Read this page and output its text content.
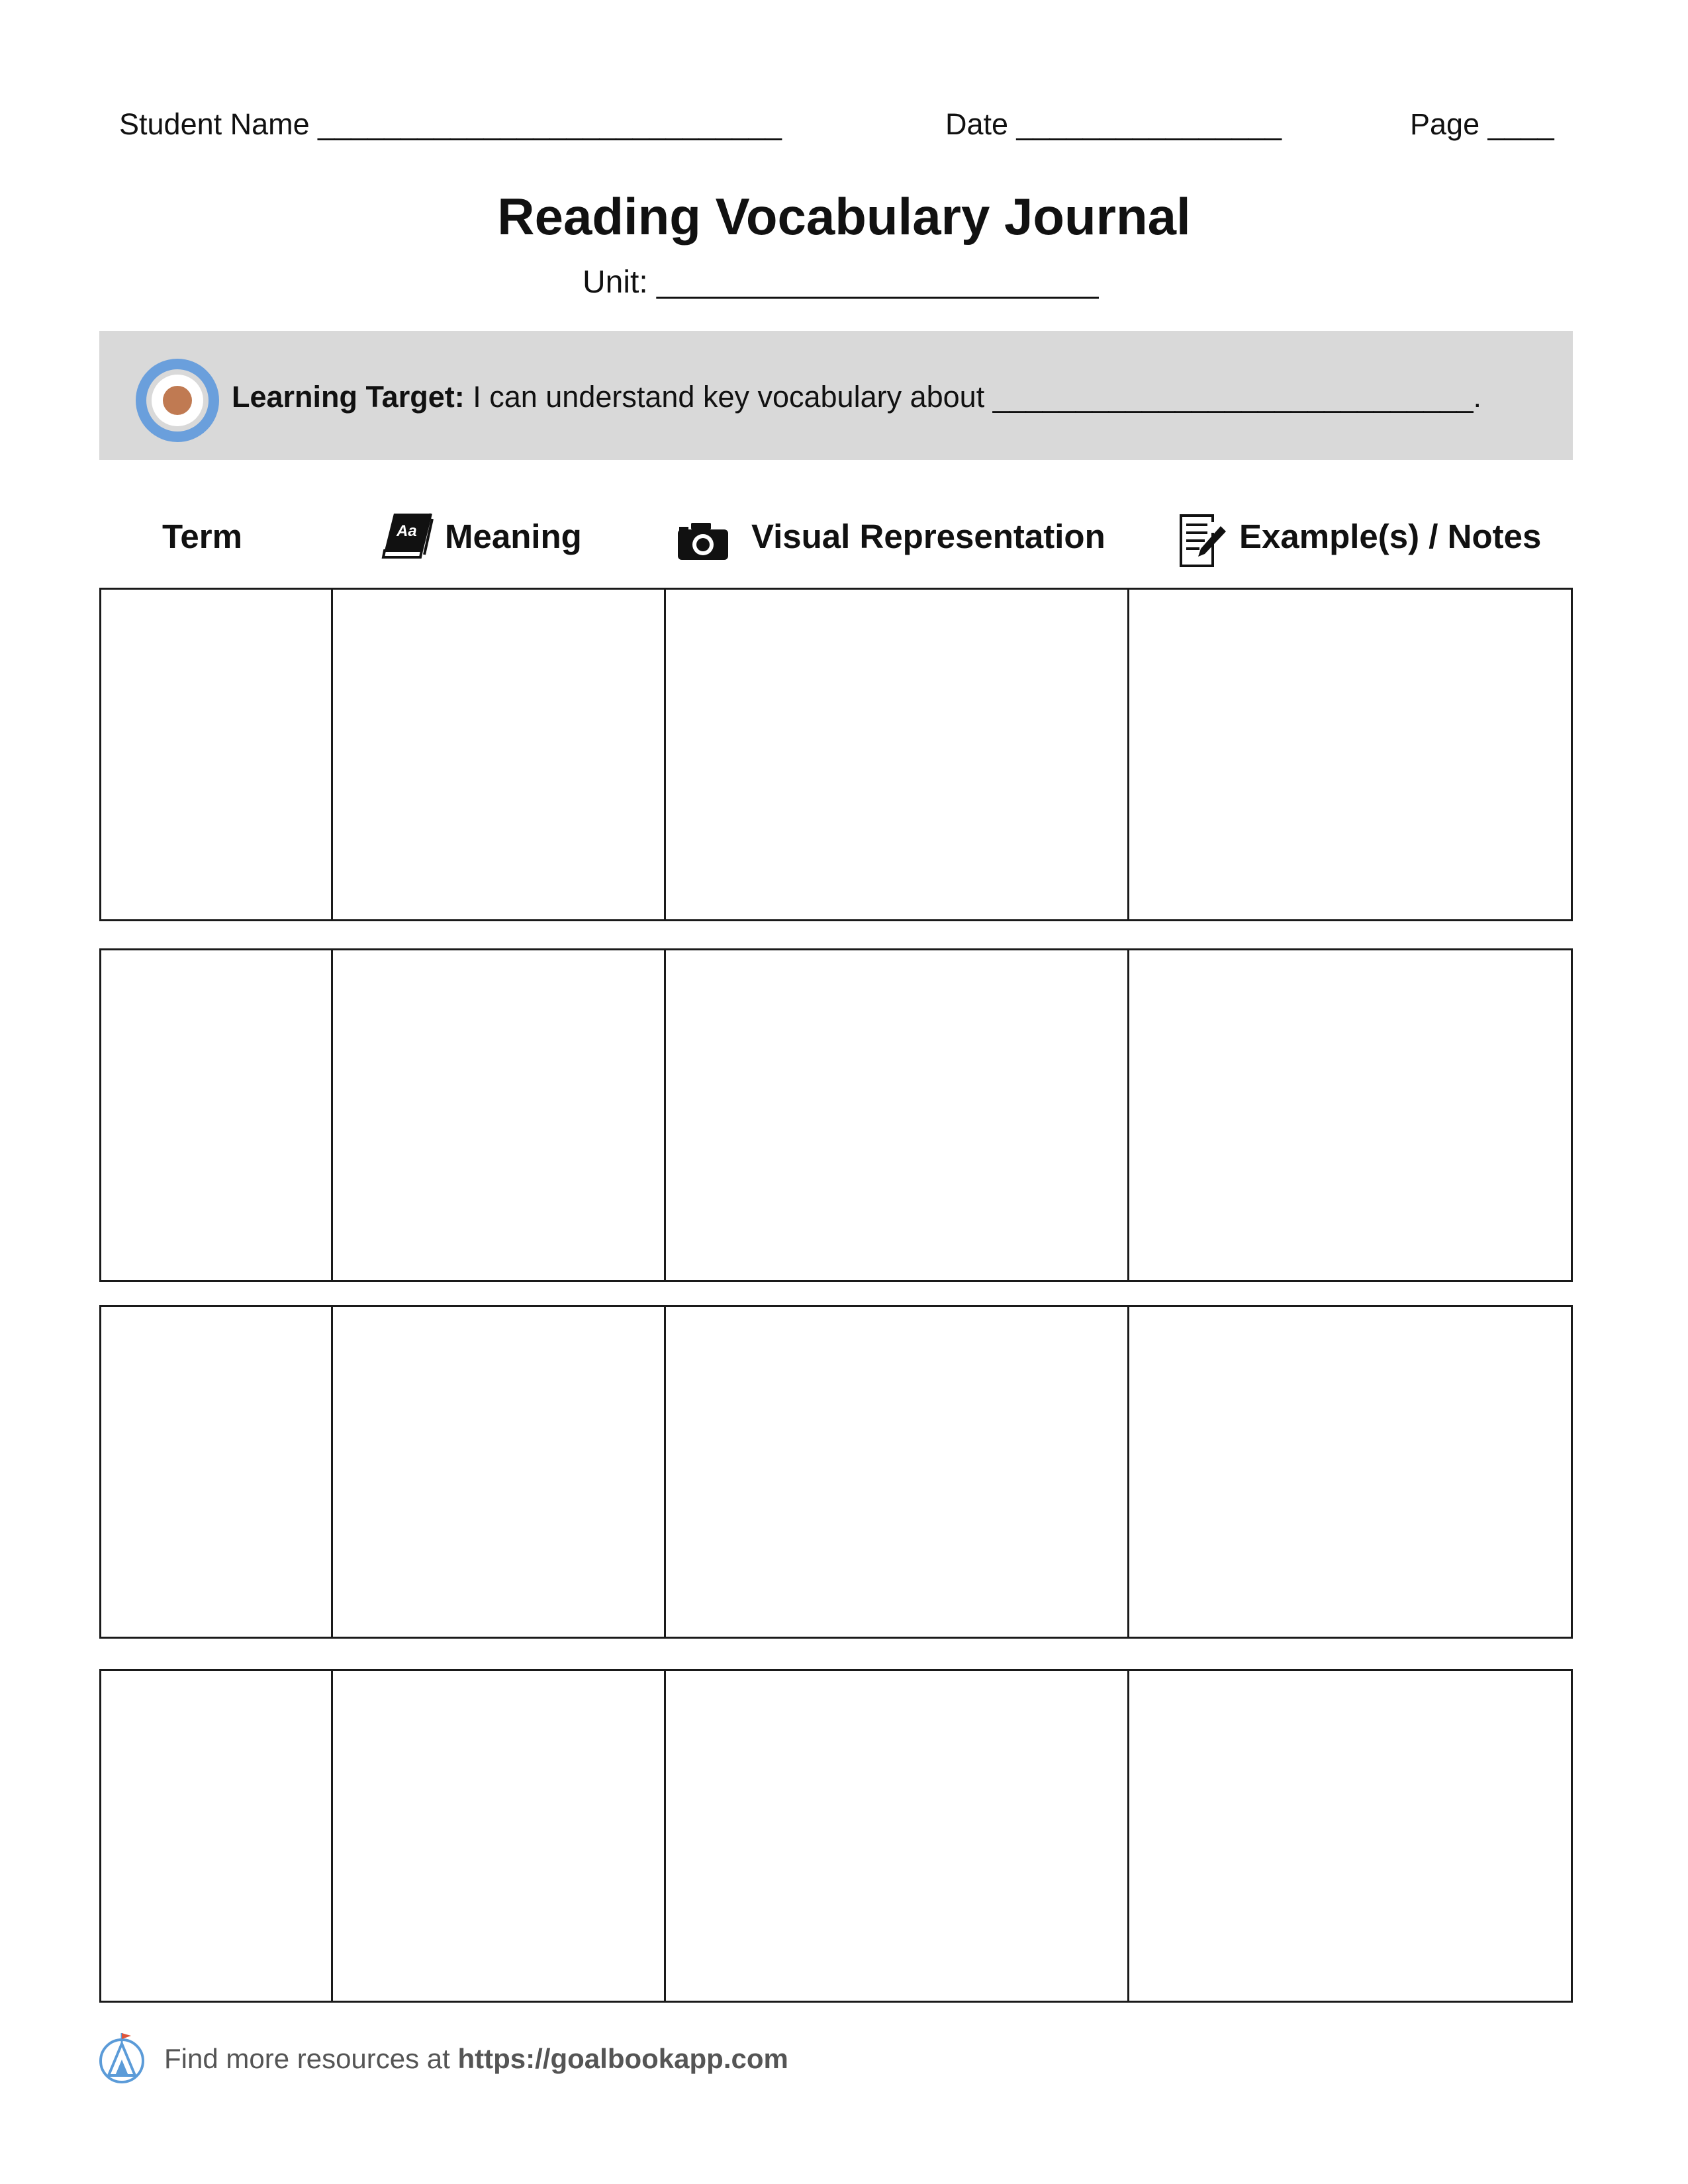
Student Name ____________________________	Date ________________	Page ____
Reading Vocabulary Journal
Unit: _________________________
Learning Target: I can understand key vocabulary about _____________________________.
Term	Aa Meaning	Visual Representation	Example(s) / Notes
Find more resources at https://goalbookapp.com
